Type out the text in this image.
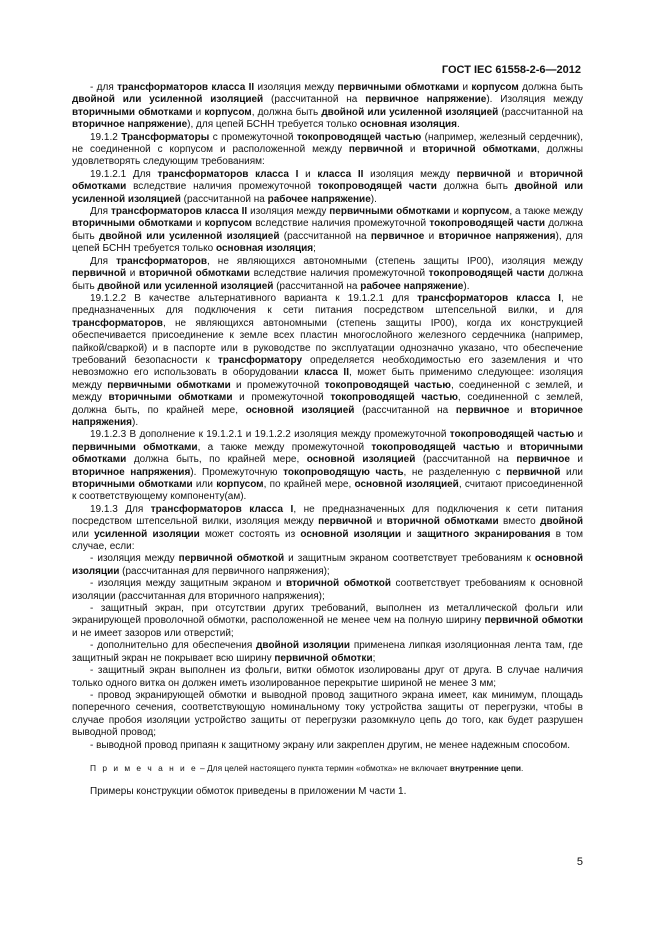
ГОСТ IEC 61558-2-6—2012

- для трансформаторов класса II изоляция между первичными обмотками и корпусом должна быть двойной или усиленной изоляцией (рассчитанной на первичное напряжение). Изоляция между вторичными обмотками и корпусом, должна быть двойной или усиленной изоляцией (рассчитанной на вторичное напряжение), для цепей БСНН требуется только основная изоляция.

19.1.2 Трансформаторы с промежуточной токопроводящей частью (например, железный сердечник), не соединенной с корпусом и расположенной между первичной и вторичной обмотками, должны удовлетворять следующим требованиям:

19.1.2.1 Для трансформаторов класса I и класса II изоляция между первичной и вторичной обмотками вследствие наличия промежуточной токопроводящей части должна быть двойной или усиленной изоляцией (рассчитанной на рабочее напряжение).

Для трансформаторов класса II изоляция между первичными обмотками и корпусом, а также между вторичными обмотками и корпусом вследствие наличия промежуточной токопроводящей части должна быть двойной или усиленной изоляцией (рассчитанной на первичное и вторичное напряжения), для цепей БСНН требуется только основная изоляция;

Для трансформаторов, не являющихся автономными (степень защиты IP00), изоляция между первичной и вторичной обмотками вследствие наличия промежуточной токопроводящей части должна быть двойной или усиленной изоляцией (рассчитанной на рабочее напряжение).

19.1.2.2 В качестве альтернативного варианта к 19.1.2.1 для трансформаторов класса I, не предназначенных для подключения к сети питания посредством штепсельной вилки, и для трансформаторов, не являющихся автономными (степень защиты IP00), когда их конструкцией обеспечивается присоединение к земле всех пластин многослойного железного сердечника (например, пайкой/сваркой) и в паспорте или в руководстве по эксплуатации однозначно указано, что обеспечение требований безопасности к трансформатору определяется необходимостью его заземления и что невозможно его использовать в оборудовании класса II, может быть применимо следующее: изоляция между первичными обмотками и промежуточной токопроводящей частью, соединенной с землей, и между вторичными обмотками и промежуточной токопроводящей частью, соединенной с землей, должна быть, по крайней мере, основной изоляцией (рассчитанной на первичное и вторичное напряжения).

19.1.2.3 В дополнение к 19.1.2.1 и 19.1.2.2 изоляция между промежуточной токопроводящей частью и первичными обмотками, а также между промежуточной токопроводящей частью и вторичными обмотками должна быть, по крайней мере, основной изоляцией (рассчитанной на первичное и вторичное напряжения). Промежуточную токопроводящую часть, не разделенную с первичной или вторичными обмотками или корпусом, по крайней мере, основной изоляцией, считают присоединенной к соответствующему компоненту(ам).

19.1.3 Для трансформаторов класса I, не предназначенных для подключения к сети питания посредством штепсельной вилки, изоляция между первичной и вторичной обмотками вместо двойной или усиленной изоляции может состоять из основной изоляции и защитного экранирования в том случае, если:

- изоляция между первичной обмоткой и защитным экраном соответствует требованиям к основной изоляции (рассчитанная для первичного напряжения);

- изоляция между защитным экраном и вторичной обмоткой соответствует требованиям к основной изоляции (рассчитанная для вторичного напряжения);

- защитный экран, при отсутствии других требований, выполнен из металлической фольги или экранирующей проволочной обмотки, расположенной не менее чем на полную ширину первичной обмотки и не имеет зазоров или отверстий;

- дополнительно для обеспечения двойной изоляции применена липкая изоляционная лента там, где защитный экран не покрывает всю ширину первичной обмотки;

- защитный экран выполнен из фольги, витки обмоток изолированы друг от друга. В случае наличия только одного витка он должен иметь изолированное перекрытие шириной не менее 3 мм;

- провод экранирующей обмотки и выводной провод защитного экрана имеет, как минимум, площадь поперечного сечения, соответствующую номинальному току устройства защиты от перегрузки, чтобы в случае пробоя изоляции устройство защиты от перегрузки разомкнуло цепь до того, как будет разрушен выводной провод;

- выводной провод припаян к защитному экрану или закреплен другим, не менее надежным способом.

П р и м е ч а н и е – Для целей настоящего пункта термин «обмотка» не включает внутренние цепи.

Примеры конструкции обмоток приведены в приложении М части 1.

5
